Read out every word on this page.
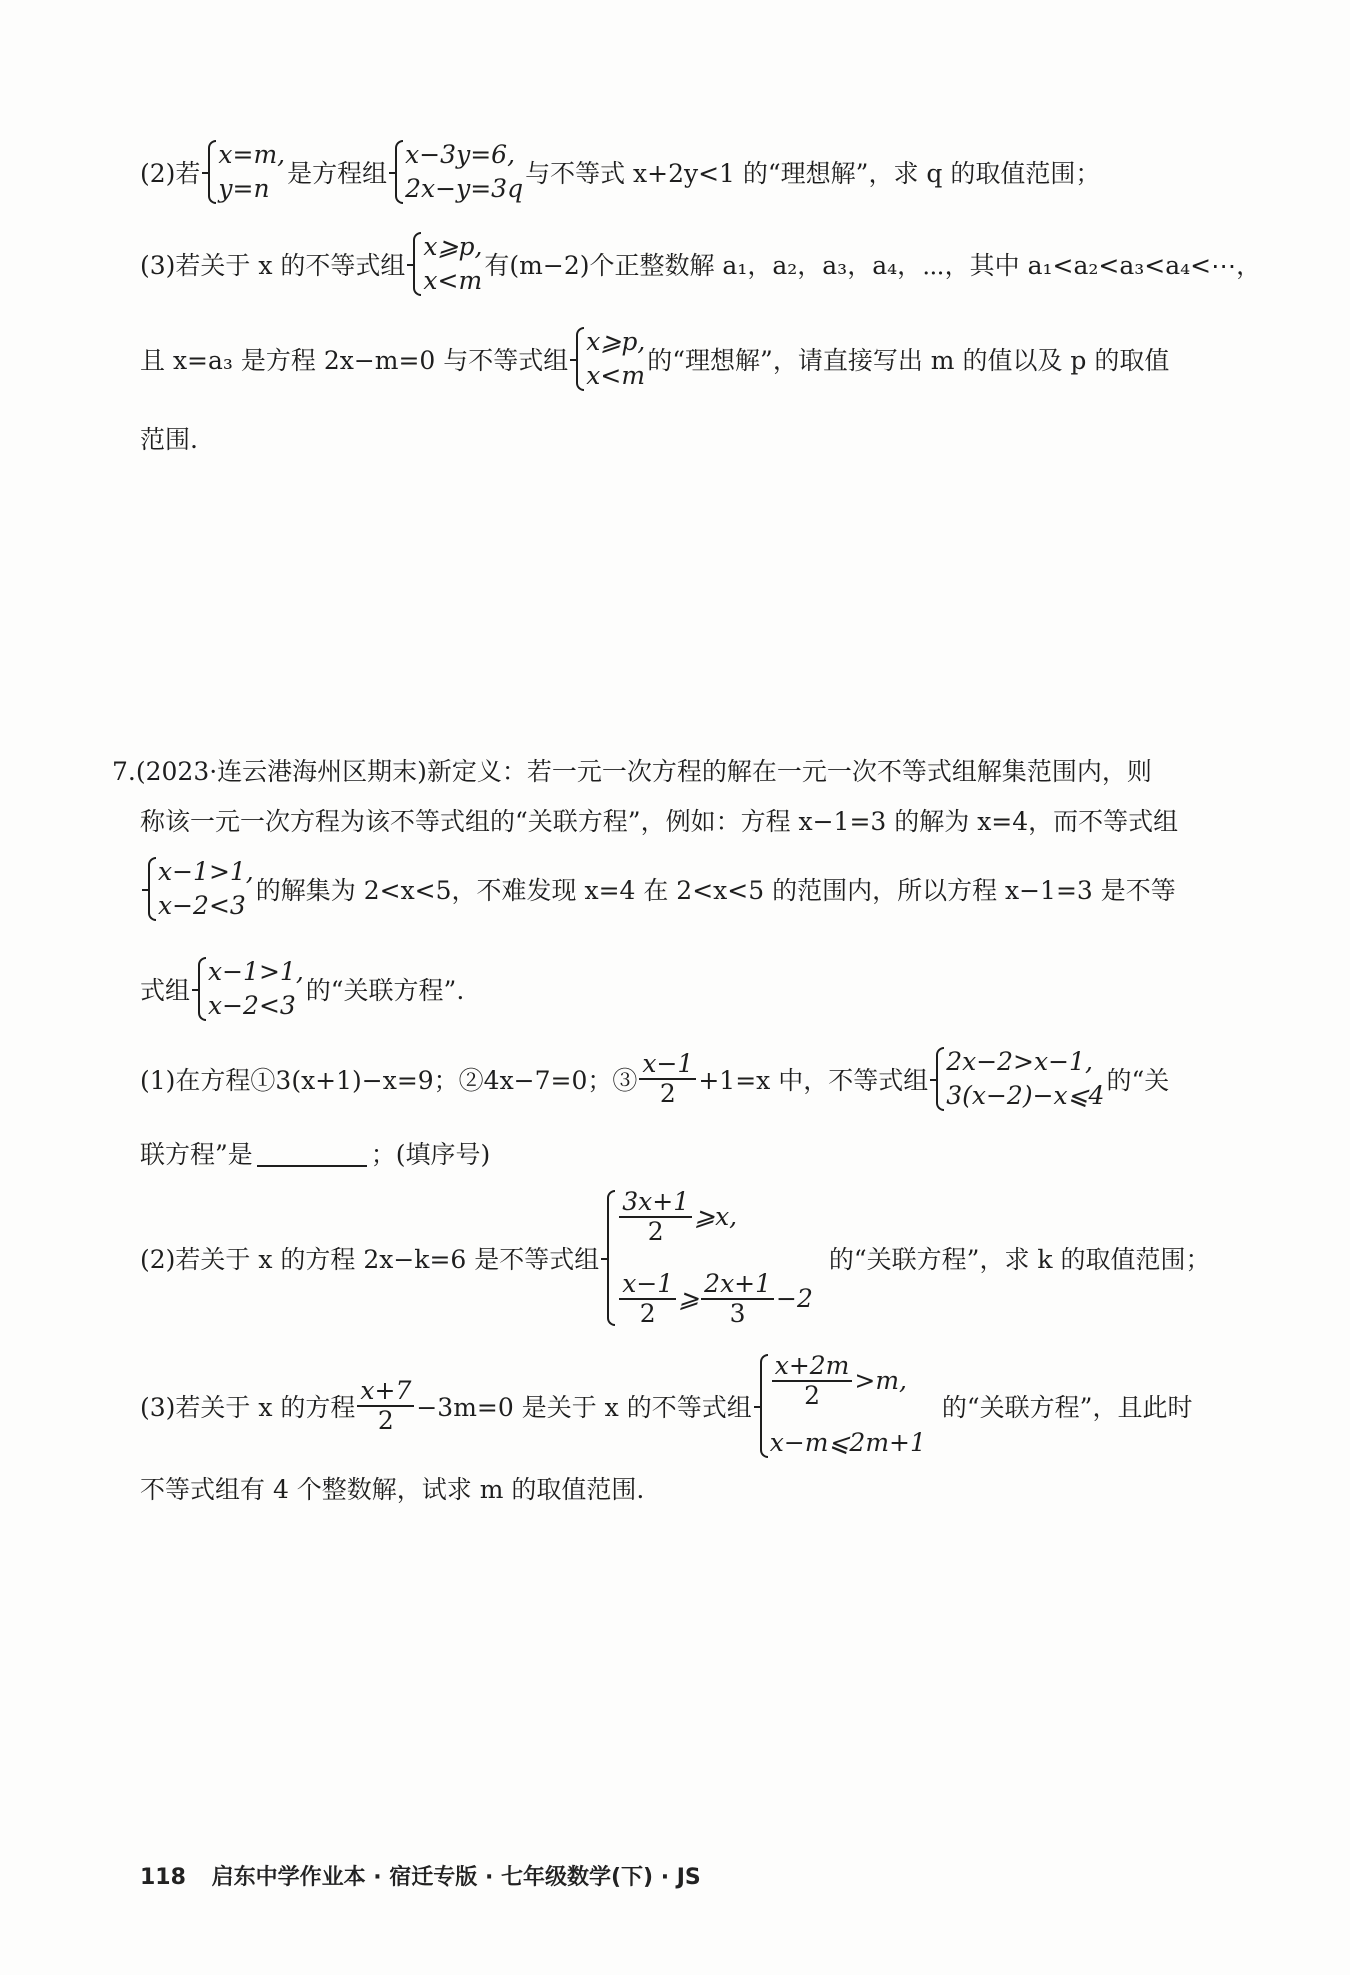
(2)若
x=m,
y=n
是方程组
x−3y=6,
2x−y=3q
与不等式 x+2y<1 的“理想解”，求 q 的取值范围；
(3)若关于 x 的不等式组
x⩾p,
x<m
有(m−2)个正整数解 a₁，a₂，a₃，a₄，⋯，其中 a₁<a₂<a₃<a₄<⋯，
且 x=a₃ 是方程 2x−m=0 与不等式组
x⩾p,
x<m
的“理想解”，请直接写出 m 的值以及 p 的取值
范围.
7.(2023·连云港海州区期末)新定义：若一元一次方程的解在一元一次不等式组解集范围内，则
称该一元一次方程为该不等式组的“关联方程”，例如：方程 x−1=3 的解为 x=4，而不等式组
x−1>1,
x−2<3
的解集为 2<x<5，不难发现 x=4 在 2<x<5 的范围内，所以方程 x−1=3 是不等
式组
x−1>1,
x−2<3
的“关联方程”.
(1)在方程①3(x+1)−x=9；②4x−7=0；③ $\frac{x-1}{2} +1=x$ 中，不等式组
2x−2>x−1,
3(x−2)−x⩽4
的“关
联方程”是	；(填序号)
(2)若关于 x 的方程 2x−k=6 是不等式组
$\frac{3x+1}{2}$ ⩾x,
$\frac{x-1}{2}$ ⩾ $\frac{2x+1}{3} -2$
的“关联方程”，求 k 的取值范围；
(3)若关于 x 的方程 $\frac{x+7}{2} -3m=0$ 是关于 x 的不等式组 $\frac{x+2m}{2} >m$,
x−m⩽2m+1
的“关联方程”，且此时
不等式组有 4 个整数解，试求 m 的取值范围.
118 启东中学作业本 · 宿迁专版 · 七年级数学(下) · JS
